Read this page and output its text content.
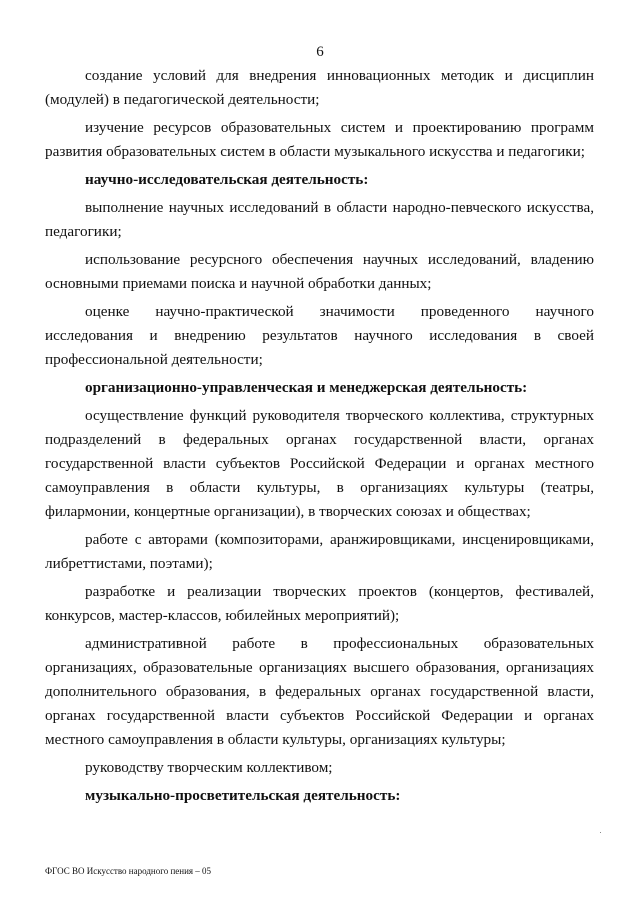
6

создание условий для внедрения инновационных методик и дисциплин (модулей) в педагогической деятельности;

изучение ресурсов образовательных систем и проектированию программ развития образовательных систем в области музыкального искусства и педагогики;

научно-исследовательская деятельность:

выполнение научных исследований в области народно-певческого искусства, педагогики;

использование ресурсного обеспечения научных исследований, владению основными приемами поиска и научной обработки данных;

оценке научно-практической значимости проведенного научного исследования и внедрению результатов научного исследования в своей профессиональной деятельности;

организационно-управленческая и менеджерская деятельность:

осуществление функций руководителя творческого коллектива, структурных подразделений в федеральных органах государственной власти, органах государственной власти субъектов Российской Федерации и органах местного самоуправления в области культуры, в организациях культуры (театры, филармонии, концертные организации), в творческих союзах и обществах;

работе с авторами (композиторами, аранжировщиками, инсценировщиками, либреттистами, поэтами);

разработке и реализации творческих проектов (концертов, фестивалей, конкурсов, мастер-классов, юбилейных мероприятий);

административной работе в профессиональных образовательных организациях, образовательные организациях высшего образования, организациях дополнительного образования, в федеральных органах государственной власти, органах государственной власти субъектов Российской Федерации и органах местного самоуправления в области культуры, организациях культуры;

руководству творческим коллективом;

музыкально-просветительская деятельность:

ФГОС ВО Искусство народного пения – 05
